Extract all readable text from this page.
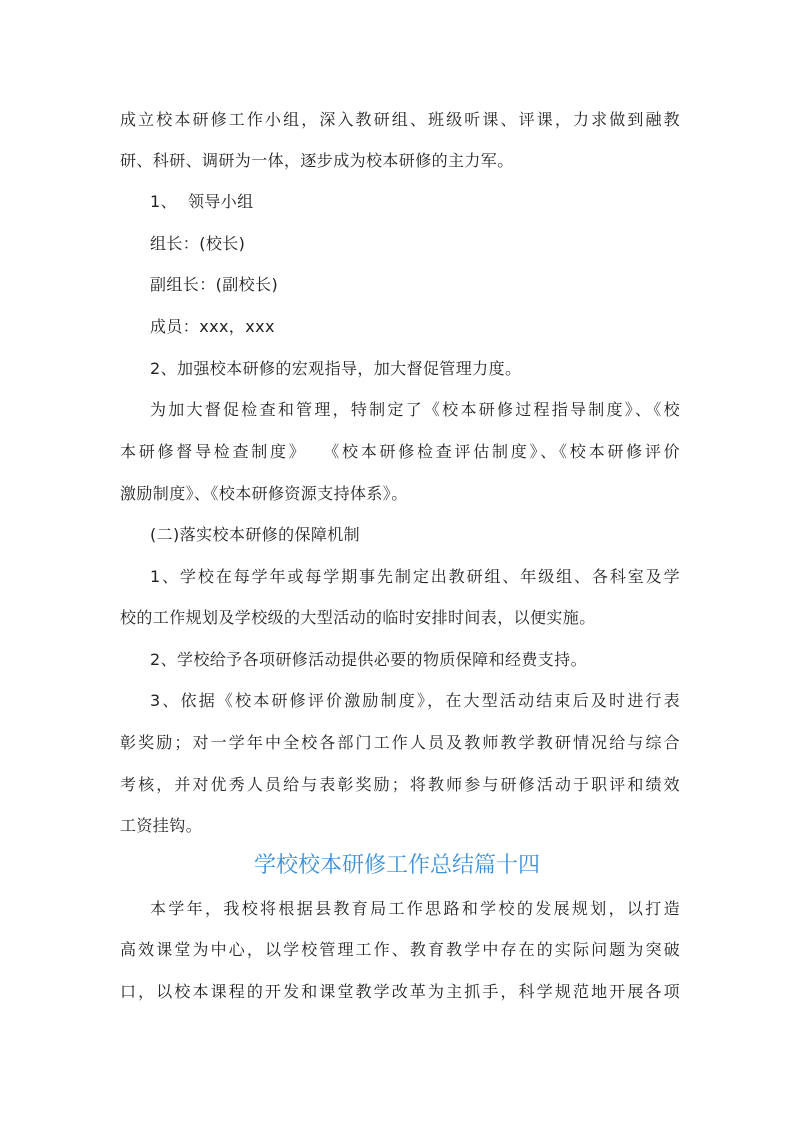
成立校本研修工作小组，深入教研组、班级听课、评课，力求做到融教
研、科研、调研为一体，逐步成为校本研修的主力军。
1、  领导小组
组长：(校长)
副组长：(副校长)
成员：xxx，xxx
2、加强校本研修的宏观指导，加大督促管理力度。
为加大督促检查和管理，特制定了《校本研修过程指导制度》、《校
本研修督导检查制度》  《校本研修检查评估制度》、《校本研修评价
激励制度》、《校本研修资源支持体系》。
(二)落实校本研修的保障机制
1、学校在每学年或每学期事先制定出教研组、年级组、各科室及学
校的工作规划及学校级的大型活动的临时安排时间表，以便实施。
2、学校给予各项研修活动提供必要的物质保障和经费支持。
3、依据《校本研修评价激励制度》，在大型活动结束后及时进行表
彰奖励；对一学年中全校各部门工作人员及教师教学教研情况给与综合
考核，并对优秀人员给与表彰奖励；将教师参与研修活动于职评和绩效
工资挂钩。
学校校本研修工作总结篇十四
本学年，我校将根据县教育局工作思路和学校的发展规划，以打造
高效课堂为中心，以学校管理工作、教育教学中存在的实际问题为突破
口，以校本课程的开发和课堂教学改革为主抓手，科学规范地开展各项
